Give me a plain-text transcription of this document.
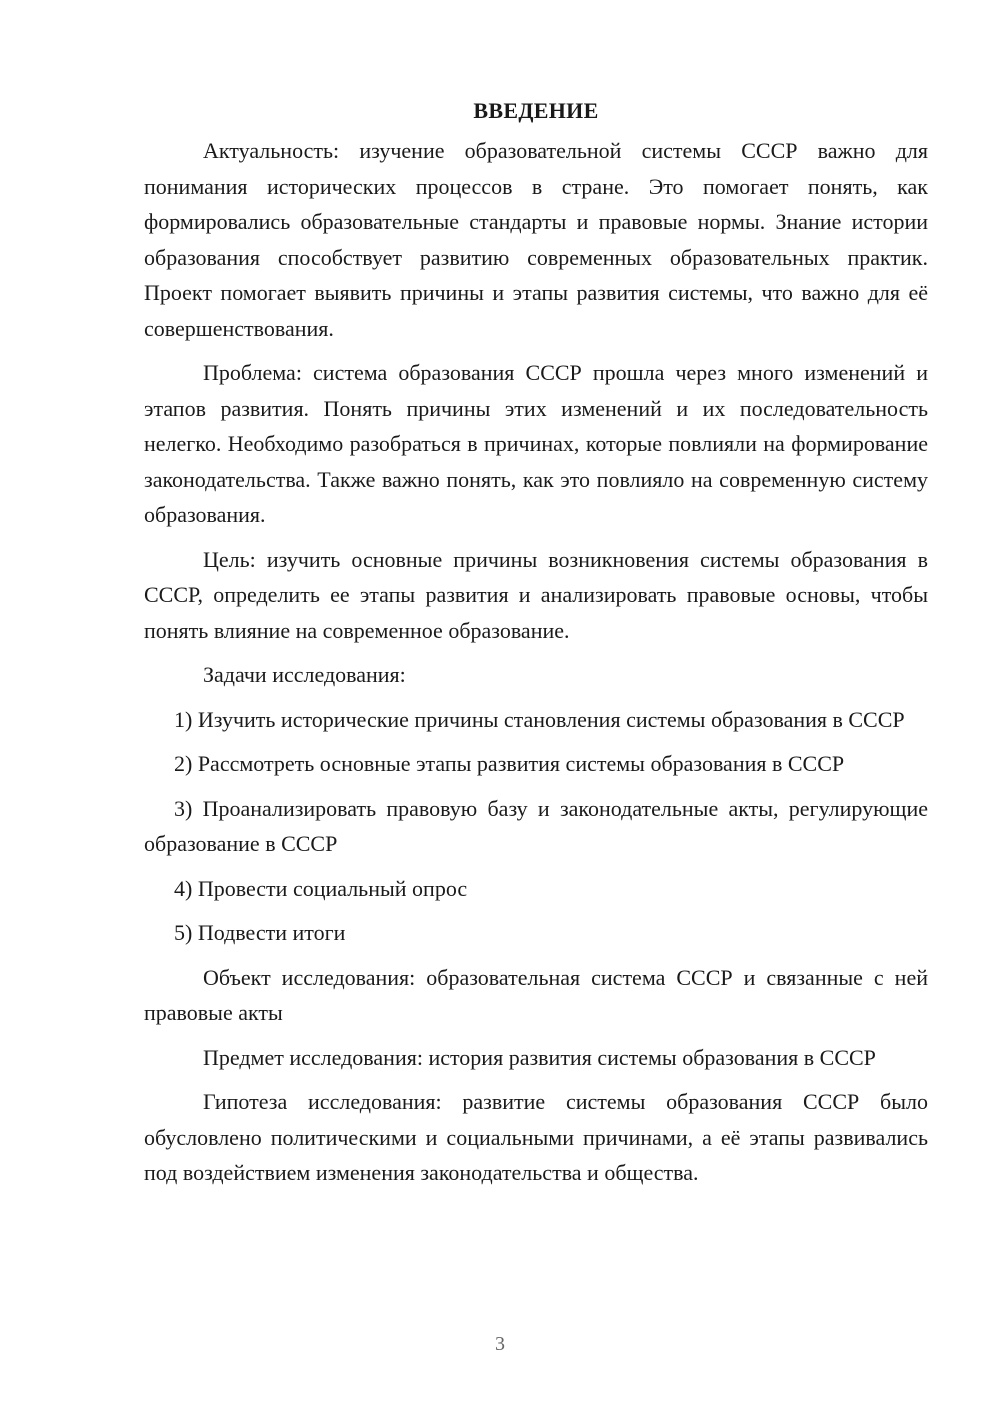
ВВЕДЕНИЕ

Актуальность: изучение образовательной системы СССР важно для понимания исторических процессов в стране. Это помогает понять, как формировались образовательные стандарты и правовые нормы. Знание истории образования способствует развитию современных образовательных практик. Проект помогает выявить причины и этапы развития системы, что важно для её совершенствования.

Проблема: система образования СССР прошла через много изменений и этапов развития. Понять причины этих изменений и их последовательность нелегко. Необходимо разобраться в причинах, которые повлияли на формирование законодательства. Также важно понять, как это повлияло на современную систему образования.

Цель: изучить основные причины возникновения системы образования в СССР, определить ее этапы развития и анализировать правовые основы, чтобы понять влияние на современное образование.

Задачи исследования:

1) Изучить исторические причины становления системы образования в СССР

2) Рассмотреть основные этапы развития системы образования в СССР

3) Проанализировать правовую базу и законодательные акты, регулирующие образование в СССР

4) Провести социальный опрос

5) Подвести итоги

Объект исследования: образовательная система СССР и связанные с ней правовые акты

Предмет исследования: история развития системы образования в СССР

Гипотеза исследования: развитие системы образования СССР было обусловлено политическими и социальными причинами, а её этапы развивались под воздействием изменения законодательства и общества.

3
